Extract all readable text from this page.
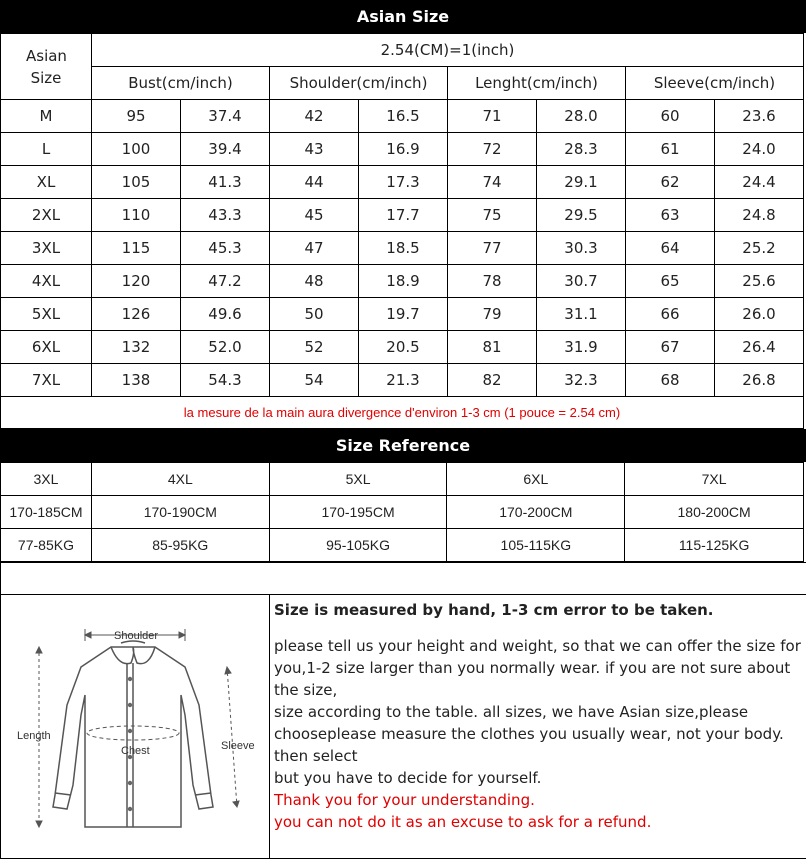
Asian Size
Asian Size	2.54(CM)=1(inch)							
	Bust(cm/inch)		Shoulder(cm/inch)		Lenght(cm/inch)		Sleeve(cm/inch)	
M	95	37.4	42	16.5	71	28.0	60	23.6
L	100	39.4	43	16.9	72	28.3	61	24.0
XL	105	41.3	44	17.3	74	29.1	62	24.4
2XL	110	43.3	45	17.7	75	29.5	63	24.8
3XL	115	45.3	47	18.5	77	30.3	64	25.2
4XL	120	47.2	48	18.9	78	30.7	65	25.6
5XL	126	49.6	50	19.7	79	31.1	66	26.0
6XL	132	52.0	52	20.5	81	31.9	67	26.4
7XL	138	54.3	54	21.3	82	32.3	68	26.8
la mesure de la main aura divergence d'environ 1-3 cm (1 pouce = 2.54 cm)
Size Reference
3XL	4XL	5XL	6XL	7XL
170-185CM	170-190CM	170-195CM	170-200CM	180-200CM
77-85KG	85-95KG	95-105KG	105-115KG	115-125KG
Shoulder
Length
Chest	Sleeve

Size is measured by hand, 1-3 cm error to be taken.

please tell us your height and weight, so that we can offer the size for you,1-2 size larger than you normally wear. if you are not sure about the size,

size according to the table. all sizes, we have Asian size,please chooseplease measure the clothes you usually wear, not your body. then select

but you have to decide for yourself.

Thank you for your understanding.

you can not do it as an excuse to ask for a refund.
